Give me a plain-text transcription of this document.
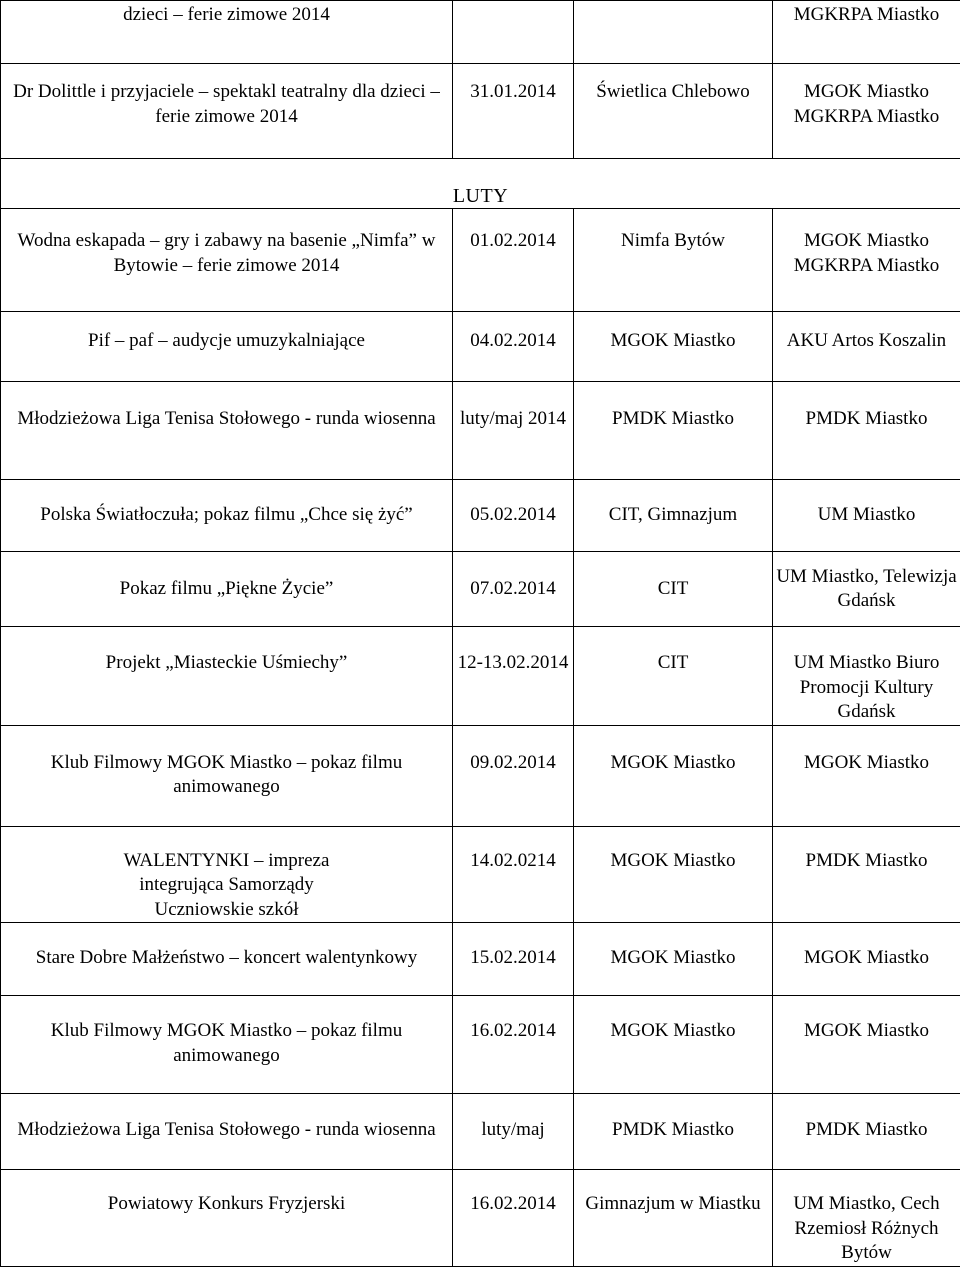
dzieci – ferie zimowe 2014			MGKRPA Miastko
Dr Dolittle i przyjaciele – spektakl teatralny dla dzieci – ferie zimowe 2014	31.01.2014	Świetlica Chlebowo	MGOK Miastko MGKRPA Miastko
LUTY			
Wodna eskapada – gry i zabawy na basenie „Nimfa” w Bytowie – ferie zimowe 2014	01.02.2014	Nimfa Bytów	MGOK Miastko MGKRPA Miastko
Pif – paf – audycje umuzykalniające	04.02.2014	MGOK Miastko	AKU Artos Koszalin
Młodzieżowa Liga Tenisa Stołowego - runda wiosenna	luty/maj 2014	PMDK Miastko	PMDK Miastko
Polska Światłoczuła; pokaz filmu „Chce się żyć”	05.02.2014	CIT, Gimnazjum	UM Miastko
Pokaz filmu „Piękne Życie”	07.02.2014	CIT	UM Miastko, Telewizja Gdańsk
Projekt „Miasteckie Uśmiechy”	12-13.02.2014	CIT	UM Miastko Biuro Promocji Kultury Gdańsk
Klub Filmowy MGOK Miastko – pokaz filmu animowanego	09.02.2014	MGOK Miastko	MGOK Miastko
WALENTYNKI – impreza integrująca Samorządy Uczniowskie szkół	14.02.0214	MGOK Miastko	PMDK Miastko
Stare Dobre Małżeństwo – koncert walentynkowy	15.02.2014	MGOK Miastko	MGOK Miastko
Klub Filmowy MGOK Miastko – pokaz filmu animowanego	16.02.2014	MGOK Miastko	MGOK Miastko
Młodzieżowa Liga Tenisa Stołowego - runda wiosenna	luty/maj	PMDK Miastko	PMDK Miastko
Powiatowy Konkurs Fryzjerski	16.02.2014	Gimnazjum w Miastku	UM Miastko, Cech Rzemiosł Różnych Bytów
